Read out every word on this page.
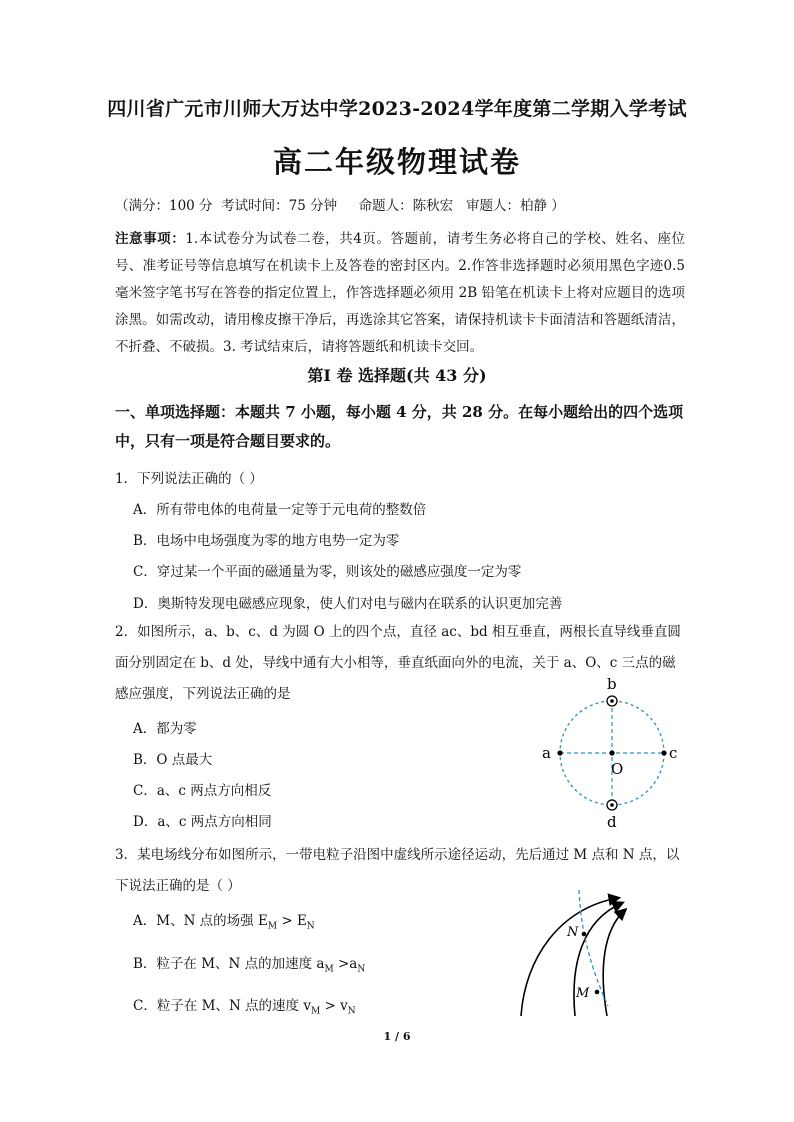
四川省广元市川师大万达中学2023-2024学年度第二学期入学考试
高二年级物理试卷
（满分：100 分  考试时间：75 分钟     命题人：陈秋宏   审题人：柏静 ）
注意事项：1.本试卷分为试卷二卷，共4页。答题前，请考生务必将自己的学校、姓名、座位号、准考证号等信息填写在机读卡上及答卷的密封区内。2.作答非选择题时必须用黑色字迹0.5 毫米签字笔书写在答卷的指定位置上，作答选择题必须用 2B 铅笔在机读卡上将对应题目的选项涂黑。如需改动，请用橡皮擦干净后，再选涂其它答案，请保持机读卡卡面清洁和答题纸清洁，不折叠、不破损。3. 考试结束后，请将答题纸和机读卡交回。
第I 卷 选择题(共 43 分)
一、单项选择题：本题共 7 小题，每小题 4 分，共 28 分。在每小题给出的四个选项中，只有一项是符合题目要求的。
1．下列说法正确的（ ）
A．所有带电体的电荷量一定等于元电荷的整数倍
B．电场中电场强度为零的地方电势一定为零
C．穿过某一个平面的磁通量为零，则该处的磁感应强度一定为零
D．奥斯特发现电磁感应现象，使人们对电与磁内在联系的认识更加完善
2．如图所示，a、b、c、d 为圆 O 上的四个点，直径 ac、bd 相互垂直，两根长直导线垂直圆面分别固定在 b、d 处，导线中通有大小相等，垂直纸面向外的电流，关于 a、O、c 三点的磁感应强度，下列说法正确的是
A．都为零
B．O 点最大
C．a、c 两点方向相反
D．a、c 两点方向相同
b
d
a	c
O
3．某电场线分布如图所示，一带电粒子沿图中虚线所示途径运动，先后通过 M 点和 N 点，以下说法正确的是（ ）
A．M、N 点的场强 $E_M > E_N$
B．粒子在 M、N 点的加速度 $a_M >a_N$
C．粒子在 M、N 点的速度 $v_M > v_N$
N
M
1 / 6
